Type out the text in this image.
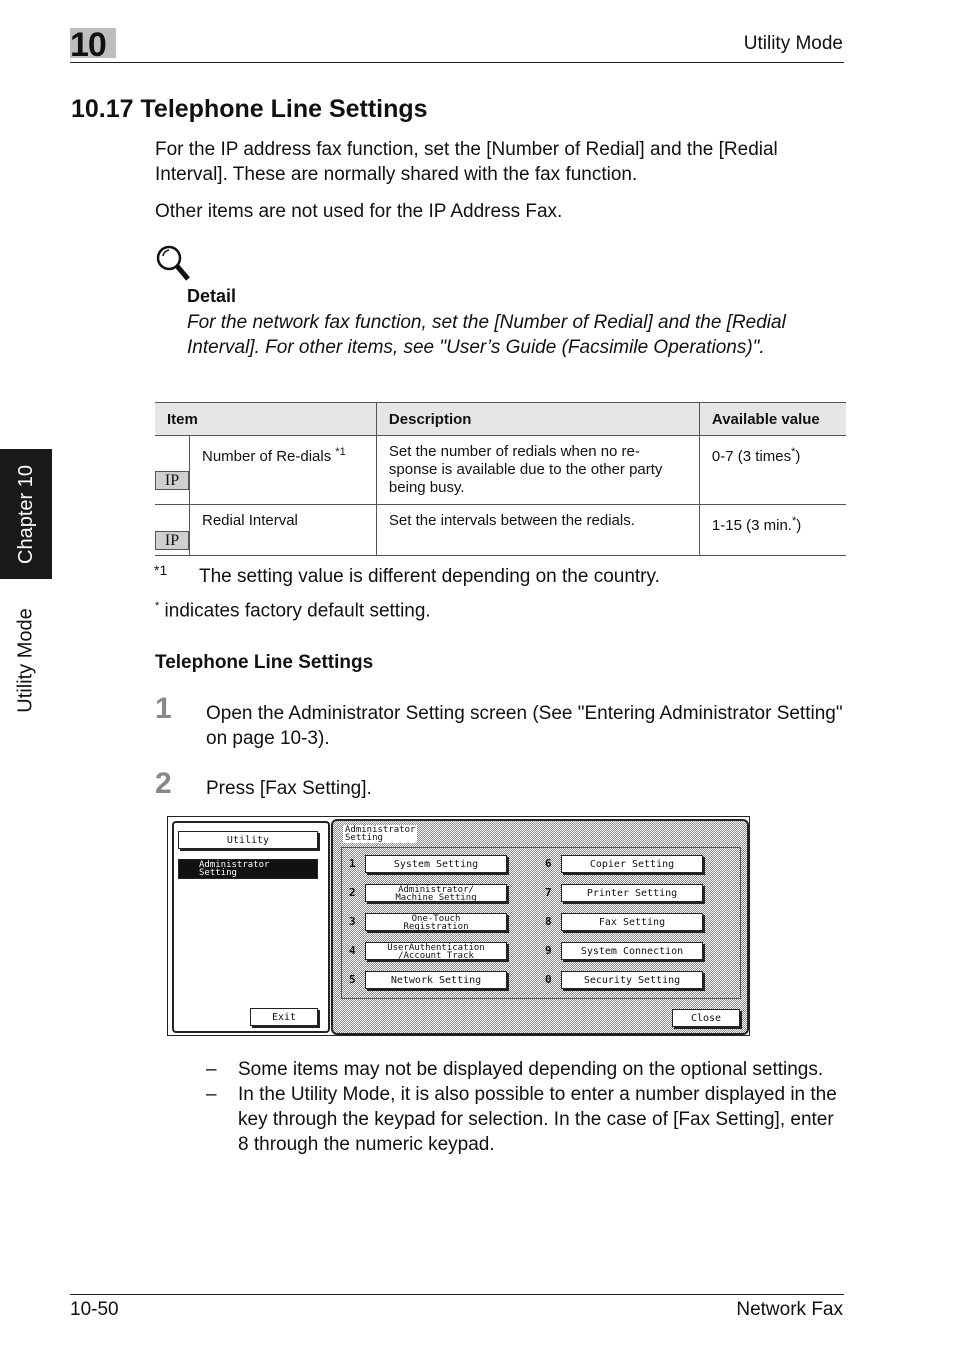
10	Utility Mode
Chapter 10
Utility Mode
10.17 Telephone Line Settings
For the IP address fax function, set the [Number of Redial] and the [Redial Interval]. These are normally shared with the fax function.
Other items are not used for the IP Address Fax.
Detail
For the network fax function, set the [Number of Redial] and the [Redial Interval]. For other items, see "User’s Guide (Facsimile Operations)".
Item		Description	Available value

IP	Number of Re-dials $^{*1}$	Set the number of redials when no re-sponse is available due to the other party being busy.	0-7 (3 times*)

IP	Redial Interval	Set the intervals between the redials.	1-15 (3 min.*)
*1 The setting value is different depending on the country.
* indicates factory default setting.
Telephone Line Settings
1 Open the Administrator Setting screen (See "Entering Administrator Setting" on page 10-3).
2 Press [Fax Setting].
Utility
Administrator
Setting
Exit
Administrator
Setting
1	System Setting
2	Administrator/
Machine Setting
3	One-Touch
Registration
4	UserAuthentication
/Account Track
5	Network Setting
6	Copier Setting
7	Printer Setting
8	Fax Setting
9	System Connection
0	Security Setting
Close
– Some items may not be displayed depending on the optional settings.
– In the Utility Mode, it is also possible to enter a number displayed in the key through the keypad for selection. In the case of [Fax Setting], enter 8 through the numeric keypad.
10-50	Network Fax
